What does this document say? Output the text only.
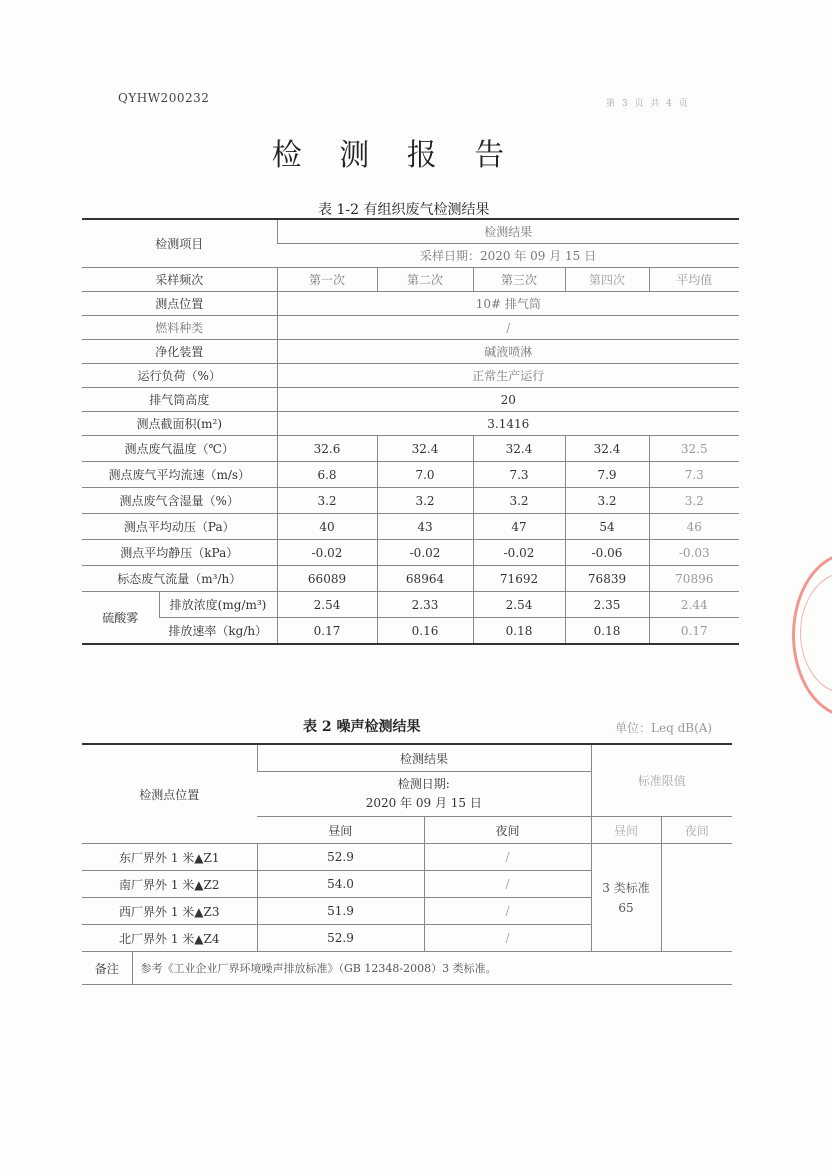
QYHW200232	第 3 页 共 4 页
检 测 报 告
表 1-2 有组织废气检测结果
检测项目		检测结果				
		采样日期：2020 年 09 月 15 日				
采样频次		第一次	第二次	第三次	第四次	平均值
测点位置		10# 排气筒				
燃料种类		/				
净化装置		碱液喷淋				
运行负荷（%）		正常生产运行				
排气筒高度		20				
测点截面积(m²)		3.1416				
测点废气温度（℃）		32.6	32.4	32.4	32.4	32.5
测点废气平均流速（m/s）		6.8	7.0	7.3	7.9	7.3
测点废气含湿量（%）		3.2	3.2	3.2	3.2	3.2
测点平均动压（Pa）		40	43	47	54	46
测点平均静压（kPa）		-0.02	-0.02	-0.02	-0.06	-0.03
标态废气流量（m³/h）		66089	68964	71692	76839	70896
硫酸雾	排放浓度(mg/m³)	2.54	2.33	2.54	2.35	2.44
	排放速率（kg/h）	0.17	0.16	0.18	0.18	0.17
表 2 噪声检测结果	单位：Leq dB(A)
检测点位置		检测结果		标准限值	
		检测日期:
2020 年 09 月 15 日			
		昼间	夜间	昼间	夜间
东厂界外 1 米▲Z1		52.9	/	3 类标准
65	
南厂界外 1 米▲Z2		54.0	/		
西厂界外 1 米▲Z3		51.9	/		
北厂界外 1 米▲Z4		52.9	/		
备注	参考《工业企业厂界环境噪声排放标准》（GB 12348-2008）3 类标准。				
